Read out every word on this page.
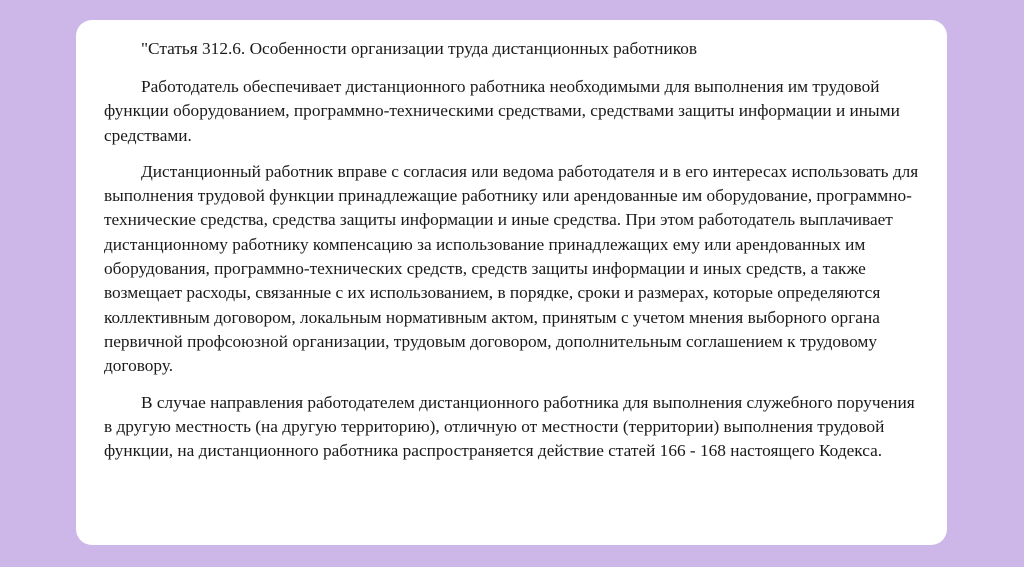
"Статья 312.6. Особенности организации труда дистанционных работников

Работодатель обеспечивает дистанционного работника необходимыми для выполнения им трудовой функции оборудованием, программно-техническими средствами, средствами защиты информации и иными средствами.

Дистанционный работник вправе с согласия или ведома работодателя и в его интересах использовать для выполнения трудовой функции принадлежащие работнику или арендованные им оборудование, программно-технические средства, средства защиты информации и иные средства. При этом работодатель выплачивает дистанционному работнику компенсацию за использование принадлежащих ему или арендованных им оборудования, программно-технических средств, средств защиты информации и иных средств, а также возмещает расходы, связанные с их использованием, в порядке, сроки и размерах, которые определяются коллективным договором, локальным нормативным актом, принятым с учетом мнения выборного органа первичной профсоюзной организации, трудовым договором, дополнительным соглашением к трудовому договору.

В случае направления работодателем дистанционного работника для выполнения служебного поручения в другую местность (на другую территорию), отличную от местности (территории) выполнения трудовой функции, на дистанционного работника распространяется действие статей 166 - 168 настоящего Кодекса.
